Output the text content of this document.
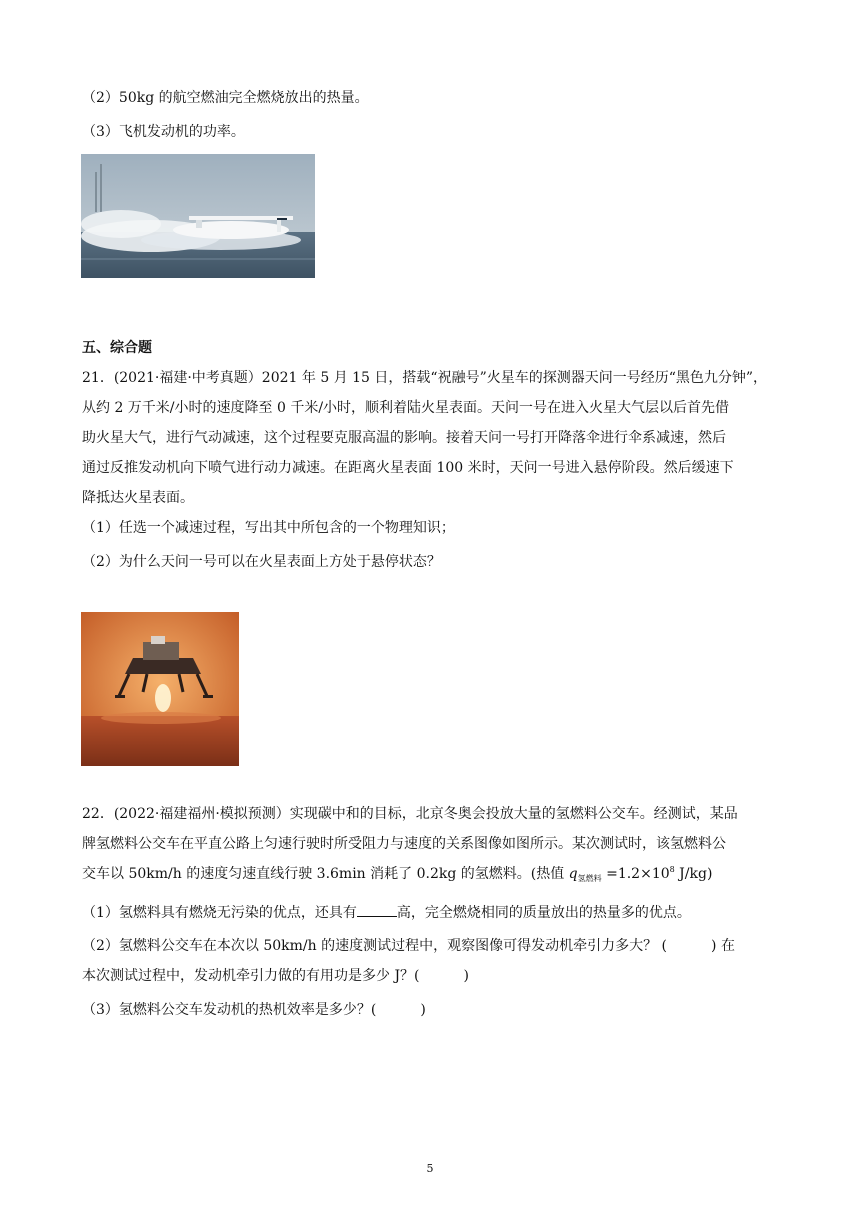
（2）50kg 的航空燃油完全燃烧放出的热量。
（3）飞机发动机的功率。
五、综合题
21．(2021·福建·中考真题）2021 年 5 月 15 日，搭载“祝融号”火星车的探测器天问一号经历“黑色九分钟”，
从约 2 万千米/小时的速度降至 0 千米/小时，顺利着陆火星表面。天问一号在进入火星大气层以后首先借
助火星大气，进行气动减速，这个过程要克服高温的影响。接着天问一号打开降落伞进行伞系减速，然后
通过反推发动机向下喷气进行动力减速。在距离火星表面 100 米时，天问一号进入悬停阶段。然后缓速下
降抵达火星表面。
（1）任选一个减速过程，写出其中所包含的一个物理知识；
（2）为什么天问一号可以在火星表面上方处于悬停状态？
22．(2022·福建福州·模拟预测）实现碳中和的目标，北京冬奥会投放大量的氢燃料公交车。经测试，某品
牌氢燃料公交车在平直公路上匀速行驶时所受阻力与速度的关系图像如图所示。某次测试时，该氢燃料公
交车以 50km/h 的速度匀速直线行驶 3.6min 消耗了 0.2kg 的氢燃料。(热值 $q_{氢燃料} =1.2\times 10^8$ J/kg)
（1）氢燃料具有燃烧无污染的优点，还具有	高，完全燃烧相同的质量放出的热量多的优点。
（2）氢燃料公交车在本次以 50km/h 的速度测试过程中，观察图像可得发动机牵引力多大？ (	) 在
本次测试过程中，发动机牵引力做的有用功是多少 J？(	)
（3）氢燃料公交车发动机的热机效率是多少？(	)
5
